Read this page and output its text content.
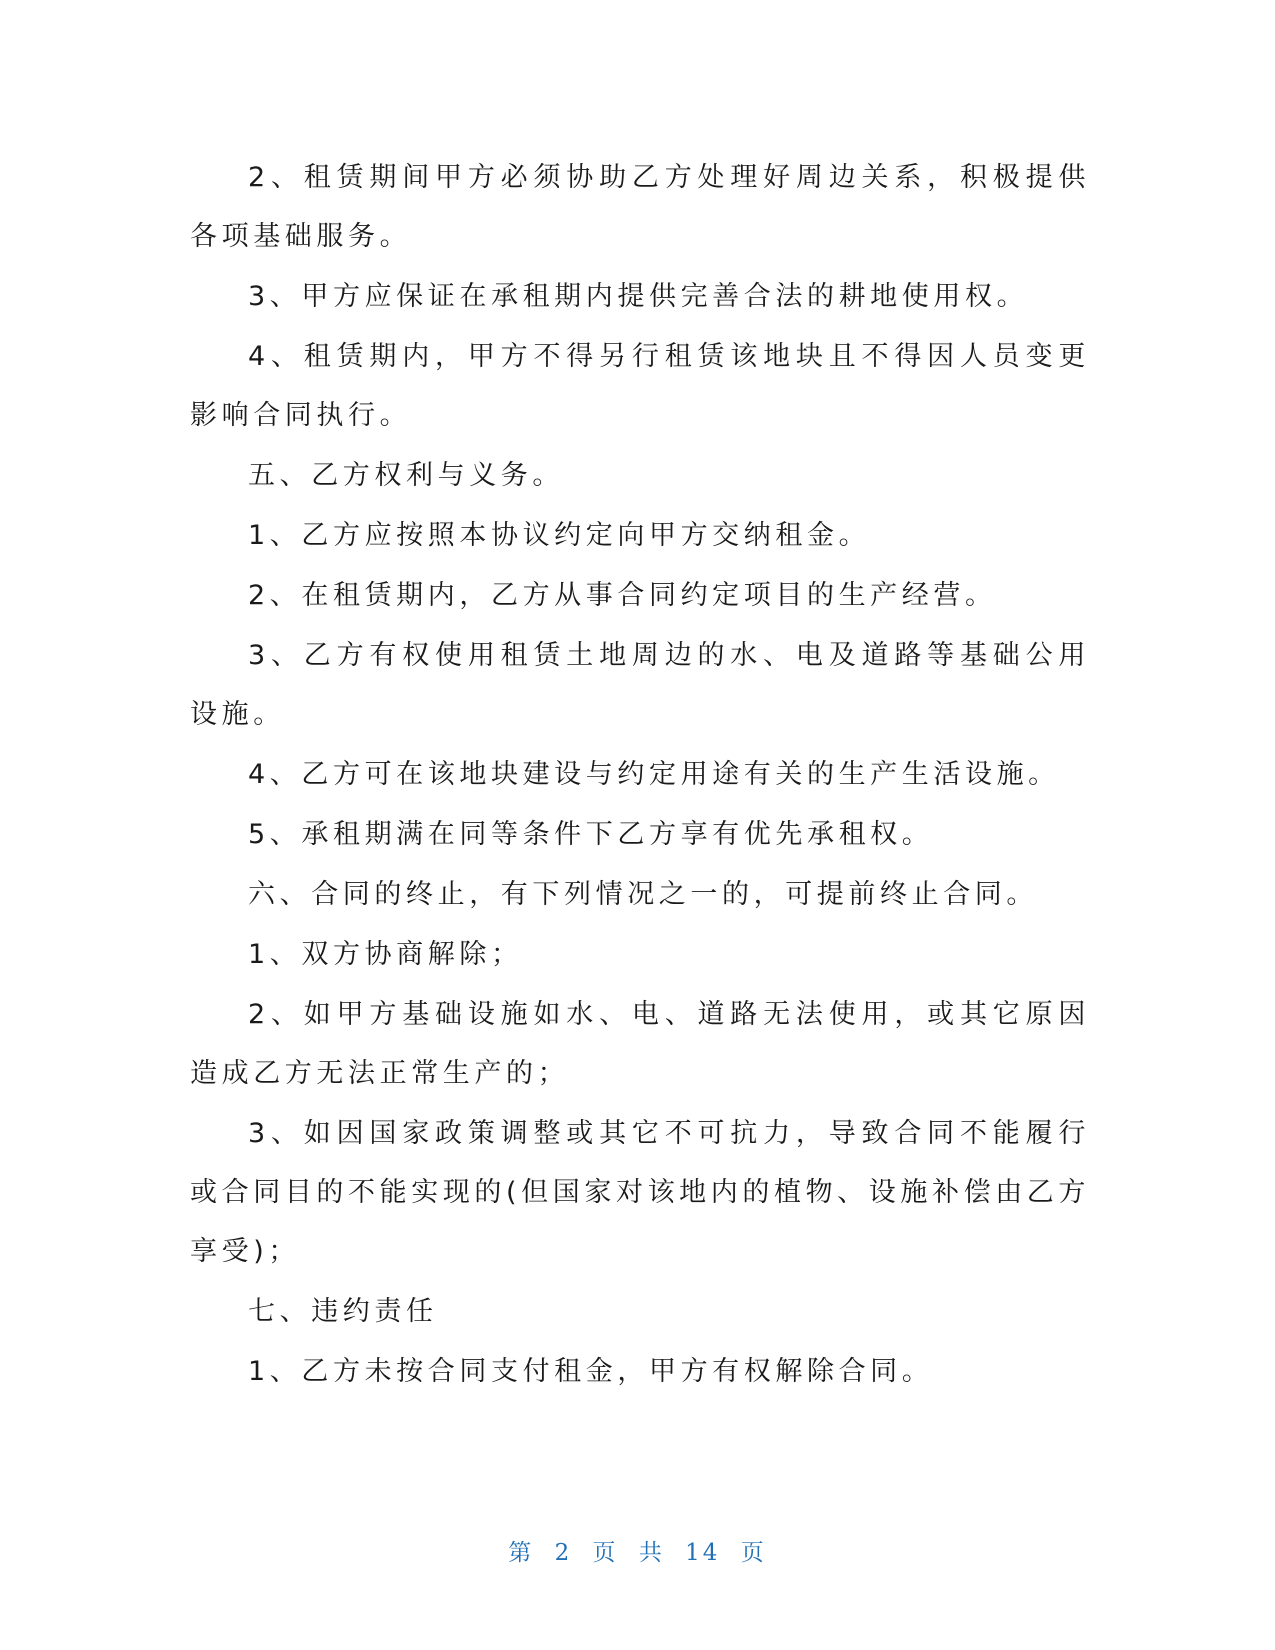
2、租赁期间甲方必须协助乙方处理好周边关系，积极提供各项基础服务。

3、甲方应保证在承租期内提供完善合法的耕地使用权。

4、租赁期内，甲方不得另行租赁该地块且不得因人员变更影响合同执行。

五、乙方权利与义务。

1、乙方应按照本协议约定向甲方交纳租金。

2、在租赁期内，乙方从事合同约定项目的生产经营。

3、乙方有权使用租赁土地周边的水、电及道路等基础公用设施。

4、乙方可在该地块建设与约定用途有关的生产生活设施。

5、承租期满在同等条件下乙方享有优先承租权。

六、合同的终止，有下列情况之一的，可提前终止合同。

1、双方协商解除；

2、如甲方基础设施如水、电、道路无法使用，或其它原因造成乙方无法正常生产的；

3、如因国家政策调整或其它不可抗力，导致合同不能履行或合同目的不能实现的(但国家对该地内的植物、设施补偿由乙方享受)；

七、违约责任

1、乙方未按合同支付租金，甲方有权解除合同。

第 2 页 共 14 页
